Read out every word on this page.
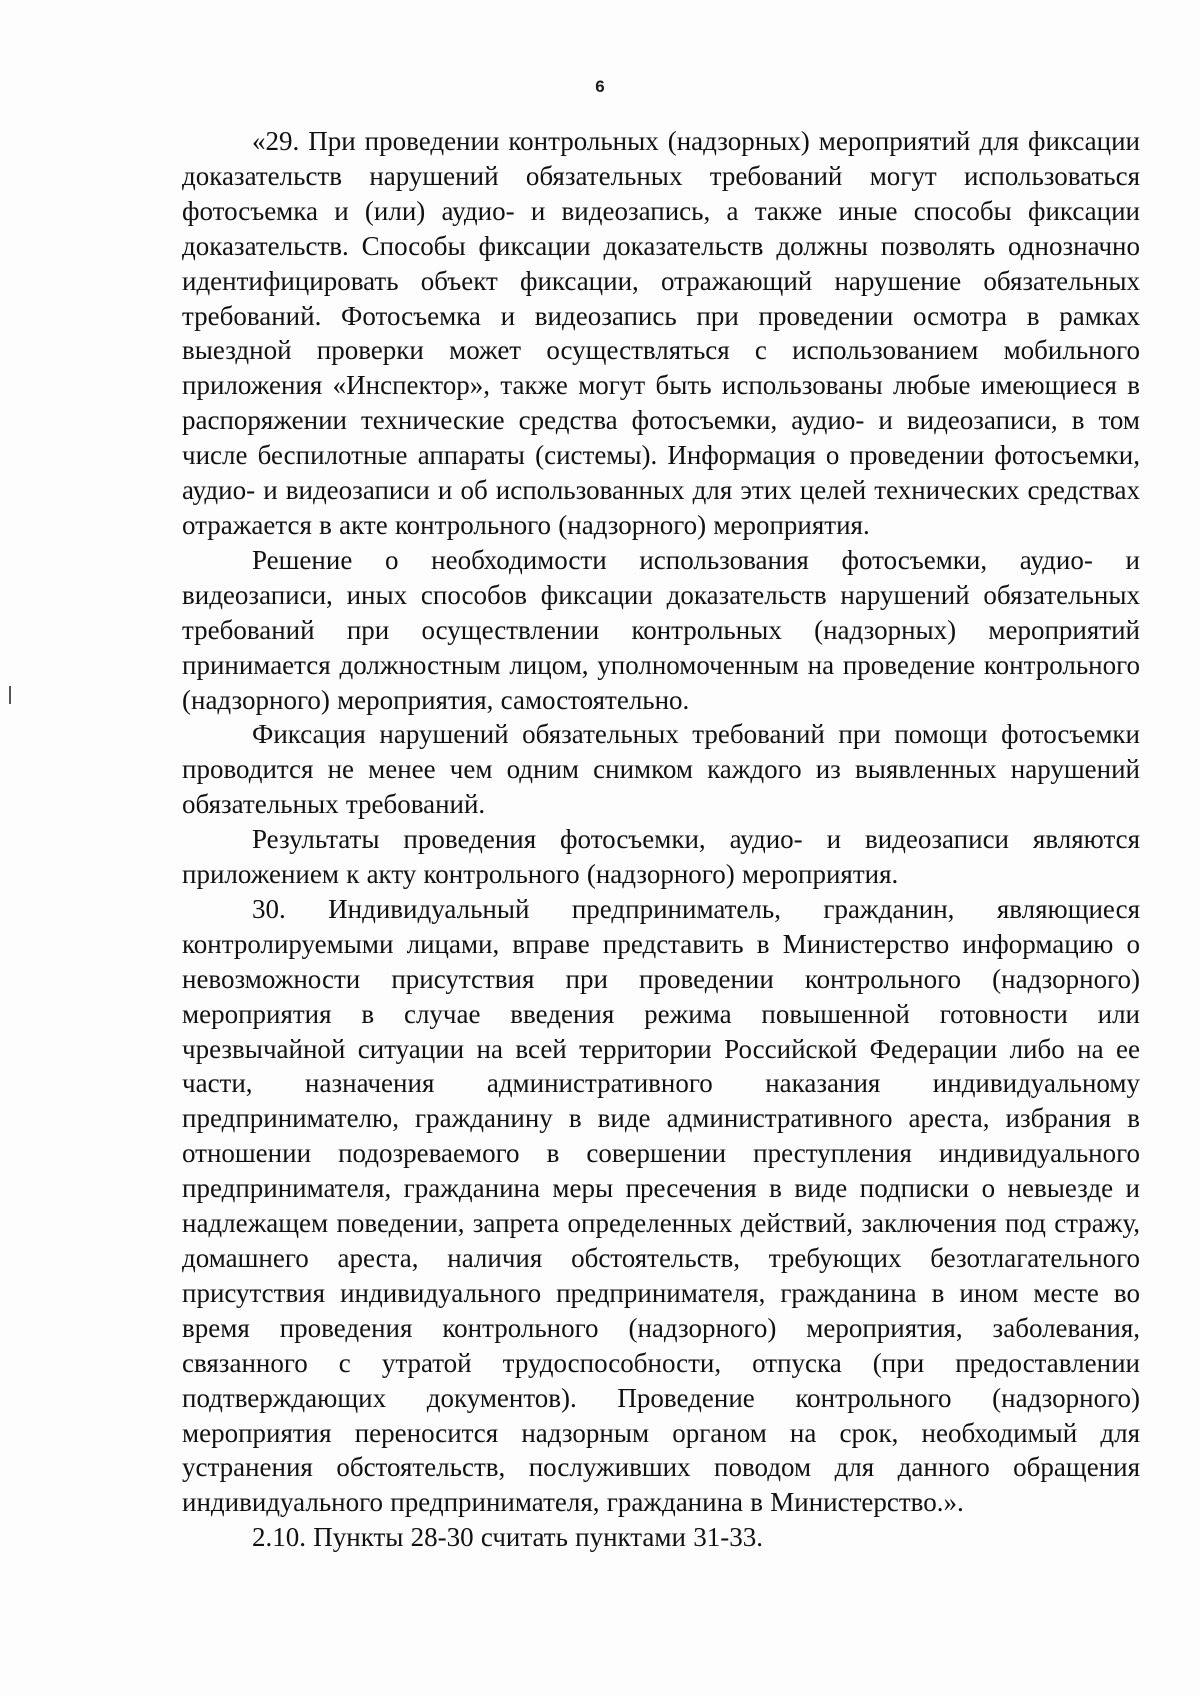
6

«29. При проведении контрольных (надзорных) мероприятий для фиксации доказательств нарушений обязательных требований могут использоваться фотосъемка и (или) аудио- и видеозапись, а также иные способы фиксации доказательств. Способы фиксации доказательств должны позволять однозначно идентифицировать объект фиксации, отражающий нарушение обязательных требований. Фотосъемка и видеозапись при проведении осмотра в рамках выездной проверки может осуществляться с использованием мобильного приложения «Инспектор», также могут быть использованы любые имеющиеся в распоряжении технические средства фотосъемки, аудио- и видеозаписи, в том числе беспилотные аппараты (системы). Информация о проведении фотосъемки, аудио- и видеозаписи и об использованных для этих целей технических средствах отражается в акте контрольного (надзорного) мероприятия.

Решение о необходимости использования фотосъемки, аудио- и видеозаписи, иных способов фиксации доказательств нарушений обязательных требований при осуществлении контрольных (надзорных) мероприятий принимается должностным лицом, уполномоченным на проведение контрольного (надзорного) мероприятия, самостоятельно.

Фиксация нарушений обязательных требований при помощи фотосъемки проводится не менее чем одним снимком каждого из выявленных нарушений обязательных требований.

Результаты проведения фотосъемки, аудио- и видеозаписи являются приложением к акту контрольного (надзорного) мероприятия.

30. Индивидуальный предприниматель, гражданин, являющиеся контролируемыми лицами, вправе представить в Министерство информацию о невозможности присутствия при проведении контрольного (надзорного) мероприятия в случае введения режима повышенной готовности или чрезвычайной ситуации на всей территории Российской Федерации либо на ее части, назначения административного наказания индивидуальному предпринимателю, гражданину в виде административного ареста, избрания в отношении подозреваемого в совершении преступления индивидуального предпринимателя, гражданина меры пресечения в виде подписки о невыезде и надлежащем поведении, запрета определенных действий, заключения под стражу, домашнего ареста, наличия обстоятельств, требующих безотлагательного присутствия индивидуального предпринимателя, гражданина в ином месте во время проведения контрольного (надзорного) мероприятия, заболевания, связанного с утратой трудоспособности, отпуска (при предоставлении подтверждающих документов). Проведение контрольного (надзорного) мероприятия переносится надзорным органом на срок, необходимый для устранения обстоятельств, послуживших поводом для данного обращения индивидуального предпринимателя, гражданина в Министерство.».

2.10. Пункты 28-30 считать пунктами 31-33.
